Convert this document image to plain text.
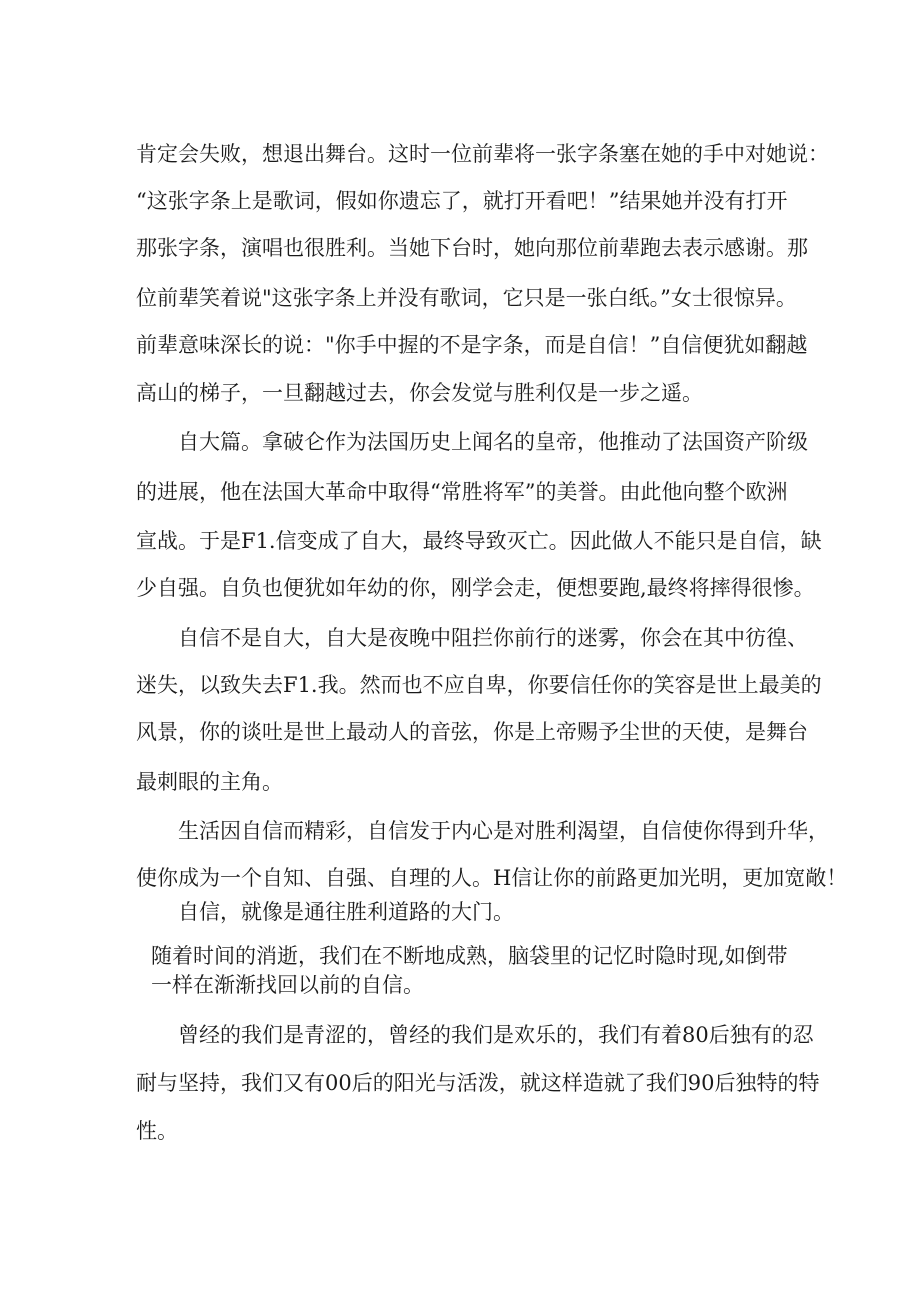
肯定会失败，想退出舞台。这时一位前辈将一张字条塞在她的手中对她说：
“这张字条上是歌词，假如你遗忘了，就打开看吧！”结果她并没有打开
那张字条，演唱也很胜利。当她下台时，她向那位前辈跑去表示感谢。那
位前辈笑着说"这张字条上并没有歌词，它只是一张白纸。”女士很惊异。
前辈意味深长的说："你手中握的不是字条，而是自信！”自信便犹如翻越
高山的梯子，一旦翻越过去，你会发觉与胜利仅是一步之遥。
自大篇。拿破仑作为法国历史上闻名的皇帝，他推动了法国资产阶级
的进展，他在法国大革命中取得“常胜将军”的美誉。由此他向整个欧洲
宣战。于是F1.信变成了自大，最终导致灭亡。因此做人不能只是自信，缺
少自强。自负也便犹如年幼的你，刚学会走，便想要跑,最终将摔得很惨。
自信不是自大，自大是夜晚中阻拦你前行的迷雾，你会在其中彷徨、
迷失，以致失去F1.我。然而也不应自卑，你要信任你的笑容是世上最美的
风景，你的谈吐是世上最动人的音弦，你是上帝赐予尘世的天使，是舞台
最刺眼的主角。
生活因自信而精彩，自信发于内心是对胜利渴望，自信使你得到升华，
使你成为一个自知、自强、自理的人。H信让你的前路更加光明，更加宽敞！
自信，就像是通往胜利道路的大门。
随着时间的消逝，我们在不断地成熟，脑袋里的记忆时隐时现,如倒带
一样在渐渐找回以前的自信。
曾经的我们是青涩的，曾经的我们是欢乐的，我们有着80后独有的忍
耐与坚持，我们又有00后的阳光与活泼，就这样造就了我们90后独特的特
性。
